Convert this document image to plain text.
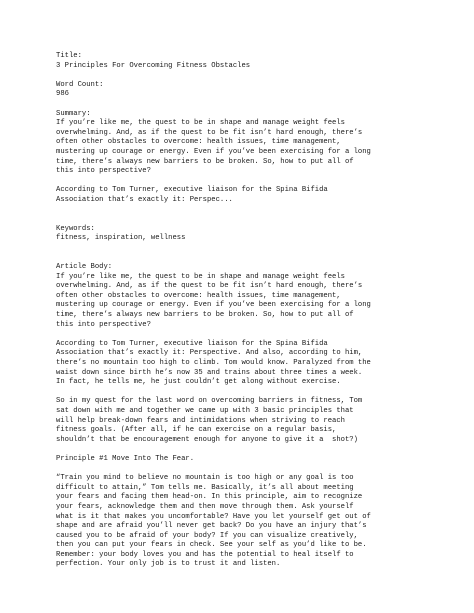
Title:
3 Principles For Overcoming Fitness Obstacles
Word Count:
986
Summary:
If you’re like me, the quest to be in shape and manage weight feels
overwhelming. And, as if the quest to be fit isn’t hard enough, there’s
often other obstacles to overcome: health issues, time management,
mustering up courage or energy. Even if you’ve been exercising for a long
time, there’s always new barriers to be broken. So, how to put all of
this into perspective?
According to Tom Turner, executive liaison for the Spina Bifida
Association that’s exactly it: Perspec...
Keywords:
fitness, inspiration, wellness
Article Body:
If you’re like me, the quest to be in shape and manage weight feels
overwhelming. And, as if the quest to be fit isn’t hard enough, there’s
often other obstacles to overcome: health issues, time management,
mustering up courage or energy. Even if you’ve been exercising for a long
time, there’s always new barriers to be broken. So, how to put all of
this into perspective?
According to Tom Turner, executive liaison for the Spina Bifida
Association that’s exactly it: Perspective. And also, according to him,
there’s no mountain too high to climb. Tom would know. Paralyzed from the
waist down since birth he’s now 35 and trains about three times a week.
In fact, he tells me, he just couldn’t get along without exercise.
So in my quest for the last word on overcoming barriers in fitness, Tom
sat down with me and together we came up with 3 basic principles that
will help break-down fears and intimidations when striving to reach
fitness goals. (After all, if he can exercise on a regular basis,
shouldn’t that be encouragement enough for anyone to give it a  shot?)
Principle #1 Move Into The Fear.
“Train you mind to believe no mountain is too high or any goal is too
difficult to attain,” Tom tells me. Basically, it’s all about meeting
your fears and facing them head-on. In this principle, aim to recognize
your fears, acknowledge them and then move through them. Ask yourself
what is it that makes you uncomfortable? Have you let yourself get out of
shape and are afraid you’ll never get back? Do you have an injury that’s
caused you to be afraid of your body? If you can visualize creatively,
then you can put your fears in check. See your self as you’d like to be.
Remember: your body loves you and has the potential to heal itself to
perfection. Your only job is to trust it and listen.
